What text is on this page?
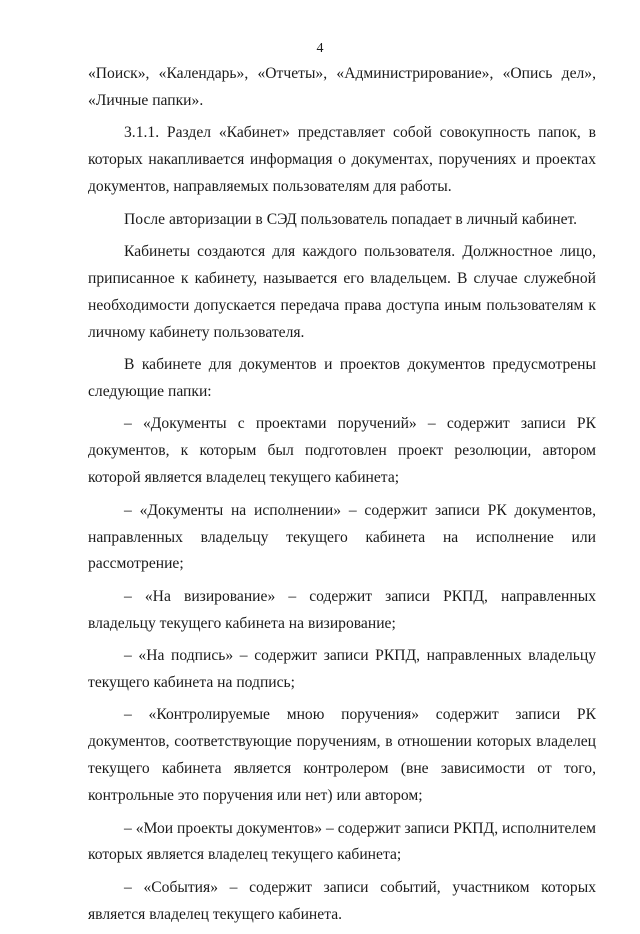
4

«Поиск», «Календарь», «Отчеты», «Администрирование», «Опись дел», «Личные папки».

3.1.1. Раздел «Кабинет» представляет собой совокупность папок, в которых накапливается информация о документах, поручениях и проектах документов, направляемых пользователям для работы.

После авторизации в СЭД пользователь попадает в личный кабинет.

Кабинеты создаются для каждого пользователя. Должностное лицо, приписанное к кабинету, называется его владельцем. В случае служебной необходимости допускается передача права доступа иным пользователям к личному кабинету пользователя.

В кабинете для документов и проектов документов предусмотрены следующие папки:

– «Документы с проектами поручений» – содержит записи РК документов, к которым был подготовлен проект резолюции, автором которой является владелец текущего кабинета;

– «Документы на исполнении» – содержит записи РК документов, направленных владельцу текущего кабинета на исполнение или рассмотрение;

– «На визирование» – содержит записи РКПД, направленных владельцу текущего кабинета на визирование;

– «На подпись» – содержит записи РКПД, направленных владельцу текущего кабинета на подпись;

– «Контролируемые мною поручения» содержит записи РК документов, соответствующие поручениям, в отношении которых владелец текущего кабинета является контролером (вне зависимости от того, контрольные это поручения или нет) или автором;

– «Мои проекты документов» – содержит записи РКПД, исполнителем которых является владелец текущего кабинета;

– «События» – содержит записи событий, участником которых является владелец текущего кабинета.
